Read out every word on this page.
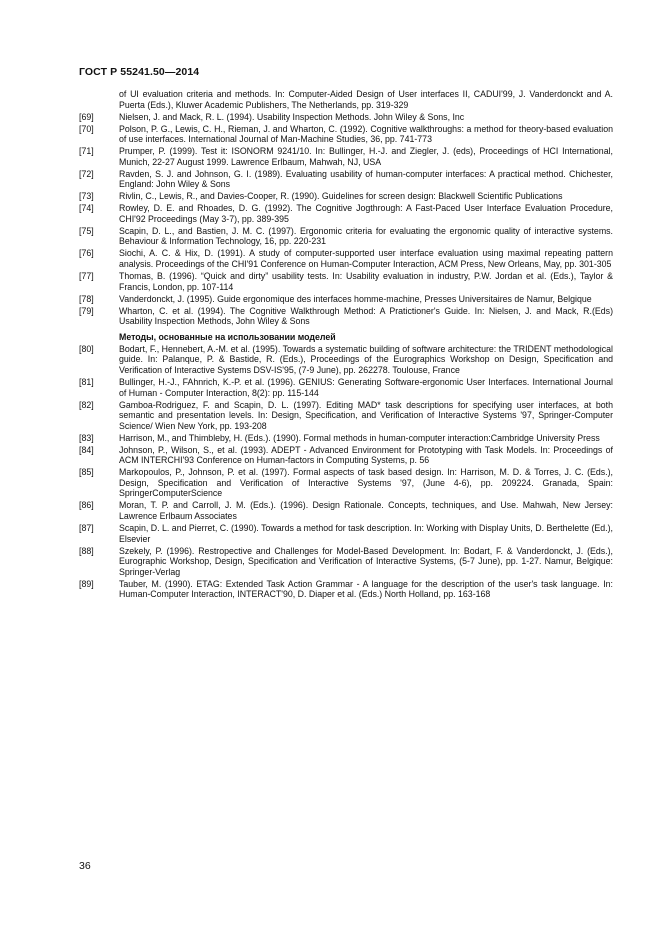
ГОСТ Р 55241.50—2014
of UI evaluation criteria and methods. In: Computer-Aided Design of User interfaces II, CADUI'99, J. Vanderdonckt and A. Puerta (Eds.), Kluwer Academic Publishers, The Netherlands, pp. 319-329
[69]	Nielsen, J. and Mack, R. L. (1994). Usability Inspection Methods. John Wiley & Sons, Inc
[70]	Polson, P. G., Lewis, C. H., Rieman, J. and Wharton, C. (1992). Cognitive walkthroughs: a method for theory-based evaluation of use interfaces. International Journal of Man-Machine Studies, 36, pp. 741-773
[71]	Prumper, P. (1999). Test it: ISONORM 9241/10. In: Bullinger, H.-J. and Ziegler, J. (eds), Proceedings of HCI International, Munich, 22-27 August 1999. Lawrence Erlbaum, Mahwah, NJ, USA
[72]	Ravden, S. J. and Johnson, G. I. (1989). Evaluating usability of human-computer interfaces: A practical method. Chichester, England: John Wiley & Sons
[73]	Rivlin, C., Lewis, R., and Davies-Cooper, R. (1990). Guidelines for screen design: Blackwell Scientific Publications
[74]	Rowley, D. E. and Rhoades, D. G. (1992). The Cognitive Jogthrough: A Fast-Paced User Interface Evaluation Procedure, CHI'92 Proceedings (May 3-7), pp. 389-395
[75]	Scapin, D. L., and Bastien, J. M. C. (1997). Ergonomic criteria for evaluating the ergonomic quality of interactive systems. Behaviour & Information Technology, 16, pp. 220-231
[76]	Siochi, A. C. & Hix, D. (1991). A study of computer-supported user interface evaluation using maximal repeating pattern analysis. Proceedings of the CHI'91 Conference on Human-Computer Interaction, ACM Press, New Orleans, May, pp. 301-305
[77]	Thomas, B. (1996). “Quick and dirty” usability tests. In: Usability evaluation in industry, P.W. Jordan et al. (Eds.), Taylor & Francis, London, pp. 107-114
[78]	Vanderdonckt, J. (1995). Guide ergonomique des interfaces homme-machine, Presses Universitaires de Namur, Belgique
[79]	Wharton, C. et al. (1994). The Cognitive Walkthrough Method: A Pratictioner's Guide. In: Nielsen, J. and Mack, R.(Eds) Usability Inspection Methods, John Wiley & Sons
Методы, основанные на использовании моделей
[80]	Bodart, F., Hennebert, A.-M. et al. (1995). Towards a systematic building of software architecture: the TRIDENT methodological guide. In: Palanque, P. & Bastide, R. (Eds.), Proceedings of the Eurographics Workshop on Design, Specification and Verification of Interactive Systems DSV-IS'95, (7-9 June), pp. 262278. Toulouse, France
[81]	Bullinger, H.-J., FAhnrich, K.-P. et al. (1996). GENIUS: Generating Software-ergonomic User Interfaces. International Journal of Human - Computer Interaction, 8(2): pp. 115-144
[82]	Gamboa-Rodriguez, F. and Scapin, D. L. (1997). Editing MAD* task descriptions for specifying user interfaces, at both semantic and presentation levels. In: Design, Specification, and Verification of Interactive Systems '97, Springer-Computer Science/ Wien New York, pp. 193-208
[83]	Harrison, M., and Thimbleby, H. (Eds.). (1990). Formal methods in human-computer interaction:Cambridge University Press
[84]	Johnson, P., Wilson, S., et al. (1993). ADEPT - Advanced Environment for Prototyping with Task Models. In: Proceedings of ACM INTERCHI'93 Conference on Human-factors in Computing Systems, p. 56
[85]	Markopoulos, P., Johnson, P. et al. (1997). Formal aspects of task based design. In: Harrison, M. D. & Torres, J. C. (Eds.), Design, Specification and Verification of Interactive Systems '97, (June 4-6), pp. 209224. Granada, Spain: SpringerComputerScience
[86]	Moran, T. P. and Carroll, J. M. (Eds.). (1996). Design Rationale. Concepts, techniques, and Use. Mahwah, New Jersey: Lawrence Erlbaum Associates
[87]	Scapin, D. L. and Pierret, C. (1990). Towards a method for task description. In: Working with Display Units, D. Berthelette (Ed.), Elsevier
[88]	Szekely, P. (1996). Restropective and Challenges for Model-Based Development. In: Bodart, F. & Vanderdonckt, J. (Eds.), Eurographic Workshop, Design, Specification and Verification of Interactive Systems, (5-7 June), pp. 1-27. Namur, Belgique: Springer-Verlag
[89]	Tauber, M. (1990). ETAG: Extended Task Action Grammar - A language for the description of the user's task language. In: Human-Computer Interaction, INTERACT'90, D. Diaper et al. (Eds.) North Holland, pp. 163-168
36
